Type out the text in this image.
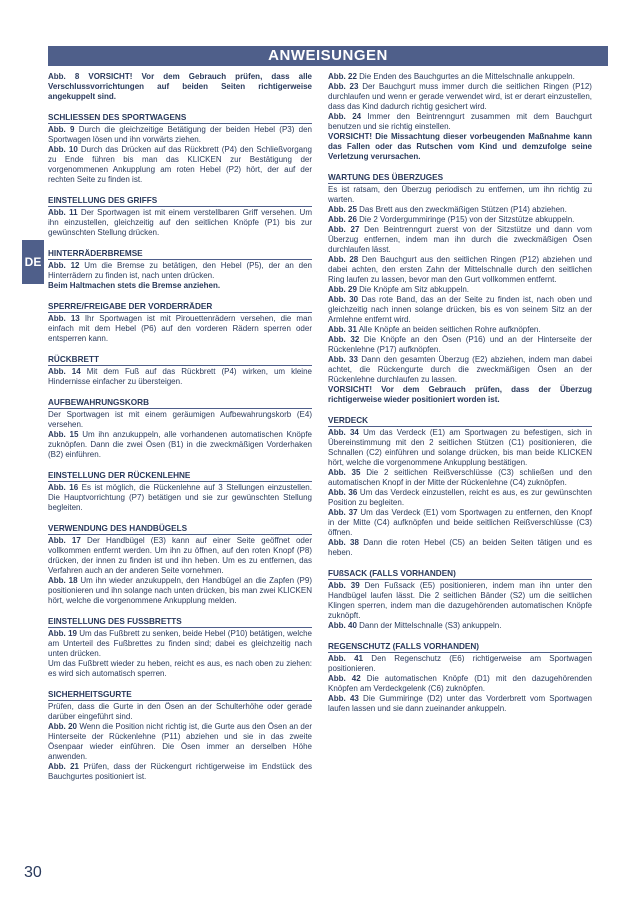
ANWEISUNGEN
DE

Abb. 8 VORSICHT! Vor dem Gebrauch prüfen, dass alle Verschlussvorrichtungen auf beiden Seiten richtigerweise angekuppelt sind.

SCHLIESSEN DES SPORTWAGENS

Abb. 9 Durch die gleichzeitige Betätigung der beiden Hebel (P3) den Sportwagen lösen und ihn vorwärts ziehen.

Abb. 10 Durch das Drücken auf das Rückbrett (P4) den Schließvorgang zu Ende führen bis man das KLICKEN zur Bestätigung der vorgenommenen Ankupplung am roten Hebel (P2) hört, der auf der rechten Seite zu finden ist.

EINSTELLUNG DES GRIFFS

Abb. 11 Der Sportwagen ist mit einem verstellbaren Griff versehen. Um ihn einzustellen, gleichzeitig auf den seitlichen Knöpfe (P1) bis zur gewünschten Stellung drücken.

HINTERRÄDERBREMSE

Abb. 12 Um die Bremse zu betätigen, den Hebel (P5), der an den Hinterrädern zu finden ist, nach unten drücken.

Beim Haltmachen stets die Bremse anziehen.

SPERRE/FREIGABE DER VORDERRÄDER

Abb. 13 Ihr Sportwagen ist mit Pirouettenrädern versehen, die man einfach mit dem Hebel (P6) auf den vorderen Rädern sperren oder entsperren kann.

RÜCKBRETT

Abb. 14 Mit dem Fuß auf das Rückbrett (P4) wirken, um kleine Hindernisse einfacher zu übersteigen.

AUFBEWAHRUNGSKORB

Der Sportwagen ist mit einem geräumigen Aufbewahrungskorb (E4) versehen.

Abb. 15 Um ihn anzukuppeln, alle vorhandenen automatischen Knöpfe zuknöpfen. Dann die zwei Ösen (B1) in die zweckmäßigen Vorderhaken (B2) einführen.

EINSTELLUNG DER RÜCKENLEHNE

Abb. 16 Es ist möglich, die Rückenlehne auf 3 Stellungen einzustellen. Die Hauptvorrichtung (P7) betätigen und sie zur gewünschten Stellung begleiten.

VERWENDUNG DES HANDBÜGELS

Abb. 17 Der Handbügel (E3) kann auf einer Seite geöffnet oder vollkommen entfernt werden. Um ihn zu öffnen, auf den roten Knopf (P8) drücken, der innen zu finden ist und ihn heben. Um es zu entfernen, das Verfahren auch an der anderen Seite vornehmen.

Abb. 18 Um ihn wieder anzukuppeln, den Handbügel an die Zapfen (P9) positionieren und ihn solange nach unten drücken, bis man zwei KLICKEN hört, welche die vorgenommene Ankupplung melden.

EINSTELLUNG DES FUSSBRETTS

Abb. 19 Um das Fußbrett zu senken, beide Hebel (P10) betätigen, welche am Unterteil des Fußbrettes zu finden sind; dabei es gleichzeitig nach unten drücken.

Um das Fußbrett wieder zu heben, reicht es aus, es nach oben zu ziehen: es wird sich automatisch sperren.

SICHERHEITSGURTE

Prüfen, dass die Gurte in den Ösen an der Schulterhöhe oder gerade darüber eingeführt sind.

Abb. 20 Wenn die Position nicht richtig ist, die Gurte aus den Ösen an der Hinterseite der Rückenlehne (P11) abziehen und sie in das zweite Ösenpaar wieder einführen. Die Ösen immer an derselben Höhe anwenden.

Abb. 21 Prüfen, dass der Rückengurt richtigerweise im Endstück des Bauchgurtes positioniert ist.

Abb. 22 Die Enden des Bauchgurtes an die Mittelschnalle ankuppeln.

Abb. 23 Der Bauchgurt muss immer durch die seitlichen Ringen (P12) durchlaufen und wenn er gerade verwendet wird, ist er derart einzustellen, dass das Kind dadurch richtig gesichert wird.

Abb. 24 Immer den Beintrenngurt zusammen mit dem Bauchgurt benutzen und sie richtig einstellen.

VORSICHT! Die Missachtung dieser vorbeugenden Maßnahme kann das Fallen oder das Rutschen vom Kind und demzufolge seine Verletzung verursachen.

WARTUNG DES ÜBERZUGES

Es ist ratsam, den Überzug periodisch zu entfernen, um ihn richtig zu warten.

Abb. 25 Das Brett aus den zweckmäßigen Stützen (P14) abziehen.

Abb. 26 Die 2 Vordergummiringe (P15) von der Sitzstütze abkuppeln.

Abb. 27 Den Beintrenngurt zuerst von der Sitzstütze und dann vom Überzug entfernen, indem man ihn durch die zweckmäßigen Ösen durchlaufen lässt.

Abb. 28 Den Bauchgurt aus den seitlichen Ringen (P12) abziehen und dabei achten, den ersten Zahn der Mittelschnalle durch den seitlichen Ring laufen zu lassen, bevor man den Gurt vollkommen entfernt.

Abb. 29 Die Knöpfe am Sitz abkuppeln.

Abb. 30 Das rote Band, das an der Seite zu finden ist, nach oben und gleichzeitig nach innen solange drücken, bis es von seinem Sitz an der Armlehne entfernt wird.

Abb. 31 Alle Knöpfe an beiden seitlichen Rohre aufknöpfen.

Abb. 32 Die Knöpfe an den Ösen (P16) und an der Hinterseite der Rückenlehne (P17) aufknöpfen.

Abb. 33 Dann den gesamten Überzug (E2) abziehen, indem man dabei achtet, die Rückengurte durch die zweckmäßigen Ösen an der Rückenlehne durchlaufen zu lassen.

VORSICHT! Vor dem Gebrauch prüfen, dass der Überzug richtigerweise wieder positioniert worden ist.

VERDECK

Abb. 34 Um das Verdeck (E1) am Sportwagen zu befestigen, sich in Übereinstimmung mit den 2 seitlichen Stützen (C1) positionieren, die Schnallen (C2) einführen und solange drücken, bis man beide KLICKEN hört, welche die vorgenommene Ankupplung bestätigen.

Abb. 35 Die 2 seitlichen Reißverschlüsse (C3) schließen und den automatischen Knopf in der Mitte der Rückenlehne (C4) zuknöpfen.

Abb. 36 Um das Verdeck einzustellen, reicht es aus, es zur gewünschten Position zu begleiten.

Abb. 37 Um das Verdeck (E1) vom Sportwagen zu entfernen, den Knopf in der Mitte (C4) aufknöpfen und beide seitlichen Reißverschlüsse (C3) öffnen.

Abb. 38 Dann die roten Hebel (C5) an beiden Seiten tätigen und es heben.

FUßSACK (FALLS VORHANDEN)

Abb. 39 Den Fußsack (E5) positionieren, indem man ihn unter den Handbügel laufen lässt. Die 2 seitlichen Bänder (S2) um die seitlichen Klingen sperren, indem man die dazugehörenden automatischen Knöpfe zuknöpft.

Abb. 40 Dann der Mittelschnalle (S3) ankuppeln.

REGENSCHUTZ (FALLS VORHANDEN)

Abb. 41 Den Regenschutz (E6) richtigerweise am Sportwagen positionieren.

Abb. 42 Die automatischen Knöpfe (D1) mit den dazugehörenden Knöpfen am Verdeckgelenk (C6) zuknöpfen.

Abb. 43 Die Gummiringe (D2) unter das Vorderbrett vom Sportwagen laufen lassen und sie dann zueinander ankuppeln.

30
